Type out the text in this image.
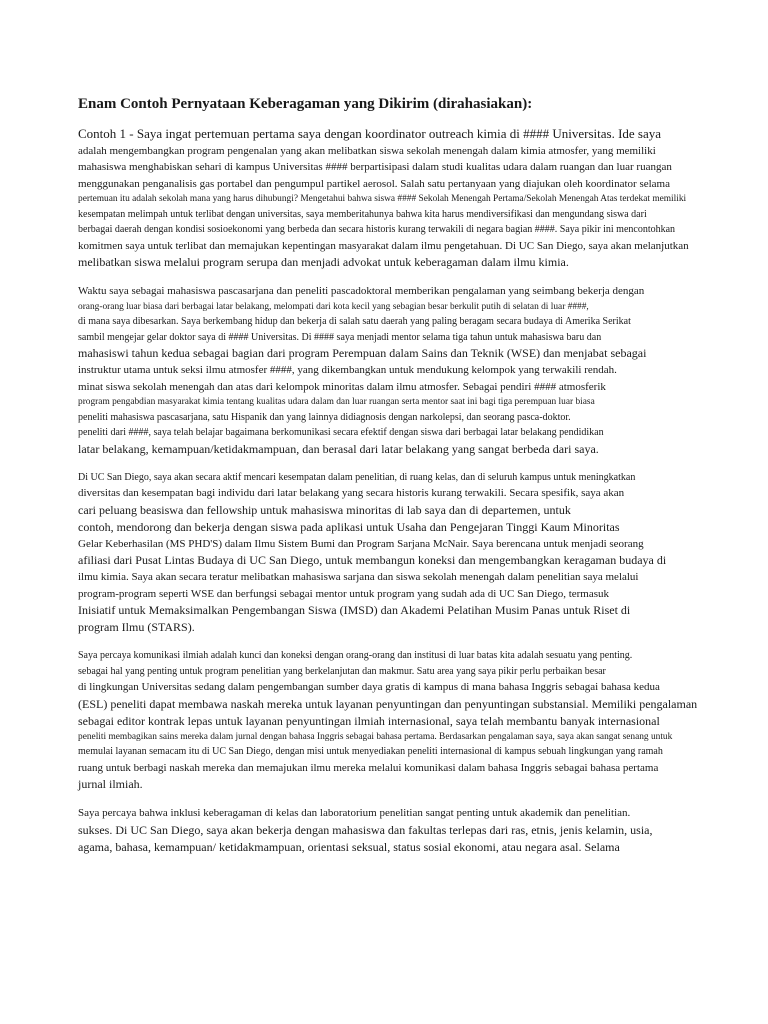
Enam Contoh Pernyataan Keberagaman yang Dikirim (dirahasiakan):
Contoh 1 - Saya ingat pertemuan pertama saya dengan koordinator outreach kimia di #### Universitas. Ide saya
adalah mengembangkan program pengenalan yang akan melibatkan siswa sekolah menengah dalam kimia atmosfer, yang memiliki
mahasiswa menghabiskan sehari di kampus Universitas #### berpartisipasi dalam studi kualitas udara dalam ruangan dan luar ruangan
menggunakan penganalisis gas portabel dan pengumpul partikel aerosol. Salah satu pertanyaan yang diajukan oleh koordinator selama
pertemuan itu adalah sekolah mana yang harus dihubungi? Mengetahui bahwa siswa #### Sekolah Menengah Pertama/Sekolah Menengah Atas terdekat memiliki
kesempatan melimpah untuk terlibat dengan universitas, saya memberitahunya bahwa kita harus mendiversifikasi dan mengundang siswa dari
berbagai daerah dengan kondisi sosioekonomi yang berbeda dan secara historis kurang terwakili di negara bagian ####. Saya pikir ini mencontohkan
komitmen saya untuk terlibat dan memajukan kepentingan masyarakat dalam ilmu pengetahuan. Di UC San Diego, saya akan melanjutkan
melibatkan siswa melalui program serupa dan menjadi advokat untuk keberagaman dalam ilmu kimia.
Waktu saya sebagai mahasiswa pascasarjana dan peneliti pascadoktoral memberikan pengalaman yang seimbang bekerja dengan
orang-orang luar biasa dari berbagai latar belakang, melompati dari kota kecil yang sebagian besar berkulit putih di selatan di luar ####,
di mana saya dibesarkan. Saya berkembang hidup dan bekerja di salah satu daerah yang paling beragam secara budaya di Amerika Serikat
sambil mengejar gelar doktor saya di #### Universitas. Di #### saya menjadi mentor selama tiga tahun untuk mahasiswa baru dan
mahasiswi tahun kedua sebagai bagian dari program Perempuan dalam Sains dan Teknik (WSE) dan menjabat sebagai
instruktur utama untuk seksi ilmu atmosfer ####, yang dikembangkan untuk mendukung kelompok yang terwakili rendah.
minat siswa sekolah menengah dan atas dari kelompok minoritas dalam ilmu atmosfer. Sebagai pendiri #### atmosferik
program pengabdian masyarakat kimia tentang kualitas udara dalam dan luar ruangan serta mentor saat ini bagi tiga perempuan luar biasa
peneliti mahasiswa pascasarjana, satu Hispanik dan yang lainnya didiagnosis dengan narkolepsi, dan seorang pasca-doktor.
peneliti dari ####, saya telah belajar bagaimana berkomunikasi secara efektif dengan siswa dari berbagai latar belakang pendidikan
latar belakang, kemampuan/ketidakmampuan, dan berasal dari latar belakang yang sangat berbeda dari saya.
Di UC San Diego, saya akan secara aktif mencari kesempatan dalam penelitian, di ruang kelas, dan di seluruh kampus untuk meningkatkan
diversitas dan kesempatan bagi individu dari latar belakang yang secara historis kurang terwakili. Secara spesifik, saya akan
cari peluang beasiswa dan fellowship untuk mahasiswa minoritas di lab saya dan di departemen, untuk
contoh, mendorong dan bekerja dengan siswa pada aplikasi untuk Usaha dan Pengejaran Tinggi Kaum Minoritas
Gelar Keberhasilan (MS PHD'S) dalam Ilmu Sistem Bumi dan Program Sarjana McNair. Saya berencana untuk menjadi seorang
afiliasi dari Pusat Lintas Budaya di UC San Diego, untuk membangun koneksi dan mengembangkan keragaman budaya di
ilmu kimia. Saya akan secara teratur melibatkan mahasiswa sarjana dan siswa sekolah menengah dalam penelitian saya melalui
program-program seperti WSE dan berfungsi sebagai mentor untuk program yang sudah ada di UC San Diego, termasuk
Inisiatif untuk Memaksimalkan Pengembangan Siswa (IMSD) dan Akademi Pelatihan Musim Panas untuk Riset di
program Ilmu (STARS).
Saya percaya komunikasi ilmiah adalah kunci dan koneksi dengan orang-orang dan institusi di luar batas kita adalah sesuatu yang penting.
sebagai hal yang penting untuk program penelitian yang berkelanjutan dan makmur. Satu area yang saya pikir perlu perbaikan besar
di lingkungan Universitas sedang dalam pengembangan sumber daya gratis di kampus di mana bahasa Inggris sebagai bahasa kedua
(ESL) peneliti dapat membawa naskah mereka untuk layanan penyuntingan dan penyuntingan substansial. Memiliki pengalaman
sebagai editor kontrak lepas untuk layanan penyuntingan ilmiah internasional, saya telah membantu banyak internasional
peneliti membagikan sains mereka dalam jurnal dengan bahasa Inggris sebagai bahasa pertama. Berdasarkan pengalaman saya, saya akan sangat senang untuk
memulai layanan semacam itu di UC San Diego, dengan misi untuk menyediakan peneliti internasional di kampus sebuah lingkungan yang ramah
ruang untuk berbagi naskah mereka dan memajukan ilmu mereka melalui komunikasi dalam bahasa Inggris sebagai bahasa pertama
jurnal ilmiah.
Saya percaya bahwa inklusi keberagaman di kelas dan laboratorium penelitian sangat penting untuk akademik dan penelitian.
sukses. Di UC San Diego, saya akan bekerja dengan mahasiswa dan fakultas terlepas dari ras, etnis, jenis kelamin, usia,
agama, bahasa, kemampuan/ ketidakmampuan, orientasi seksual, status sosial ekonomi, atau negara asal. Selama
